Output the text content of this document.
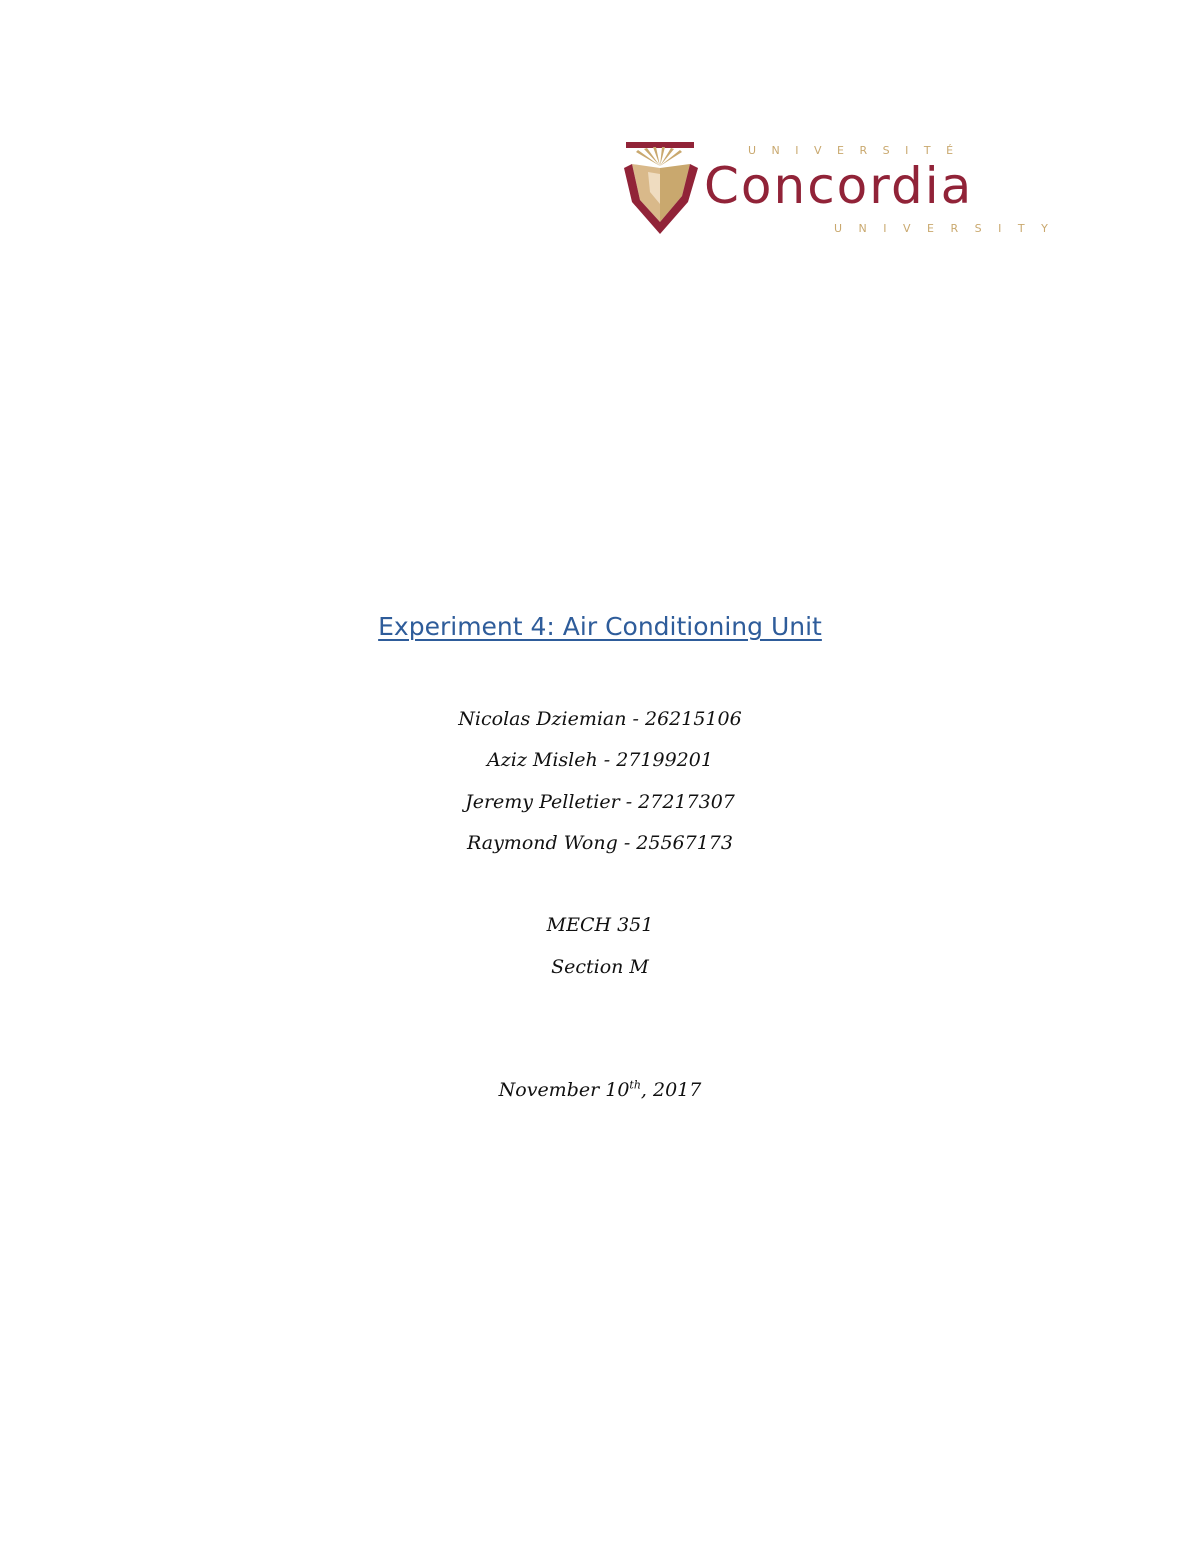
UNIVERSITÉ
Concordia
UNIVERSITY
Experiment 4: Air Conditioning Unit
Nicolas Dziemian - 26215106
Aziz Misleh - 27199201
Jeremy Pelletier - 27217307
Raymond Wong - 25567173
MECH 351
Section M
November 10th, 2017
